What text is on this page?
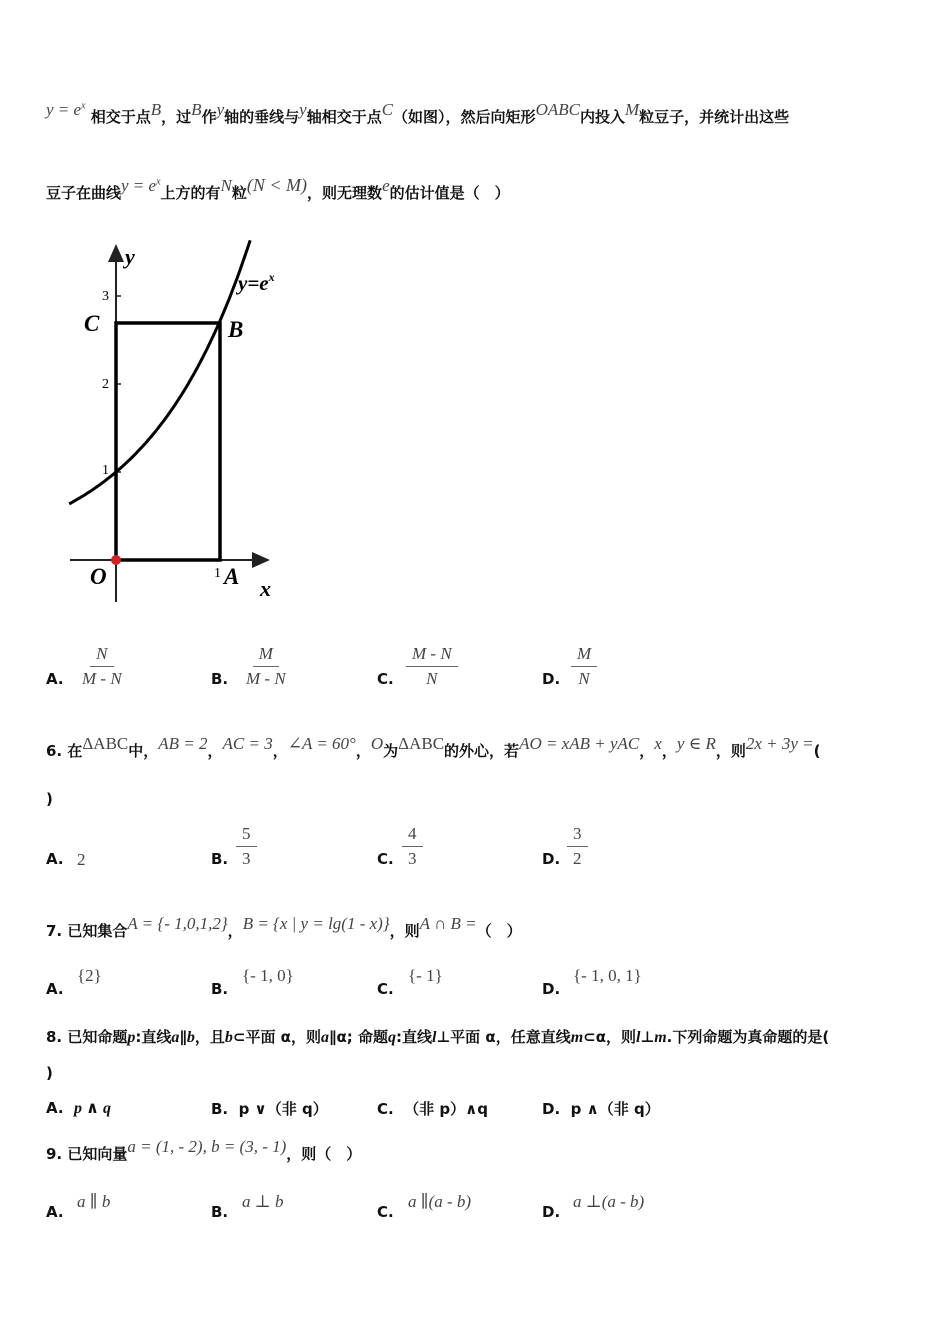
$y = e^x$ 相交于点B，过B作y轴的垂线与y轴相交于点C（如图），然后向矩形OABC内投入M粒豆子，并统计出这些
豆子在曲线$y = e^x$上方的有N粒(N < M)，则无理数e的估计值是（　）
y
x
$y=e^x$
C	B
O	A
1
1
2
3
A. $\frac{N}{M - N}$	B. $\frac{M}{M - N}$	C. $\frac{M - N}{N}$	D. $\frac{M}{N}$
6. 在ΔABC中，AB = 2，AC = 3，∠A = 60°，O为ΔABC的外心，若AO = xAB + yAC，x，y ∈ R，则2x + 3y =(
)
A. 2	B. $\frac{5}{3}$	C. $\frac{4}{3}$	D. $\frac{3}{2}$
7. 已知集合A = {- 1,0,1,2}，B = {x | y = lg(1 - x)}，则A ∩ B =（　）
A.
{2}
B.
{- 1, 0}
C.
{- 1}
D.
{- 1, 0, 1}
8. 已知命题p:直线a∥b，且b⊂平面 α，则a∥α; 命题q:直线l⊥平面 α，任意直线m⊂α，则l⊥m.下列命题为真命题的是(
)
A. p ∧ q	B. p ∨（非 q）	C. （非 p）∧q	D. p ∧（非 q）
9. 已知向量a = (1, - 2), b = (3, - 1)，则（　）
A.
a ∥ b
B.
a ⊥ b
C.
a ∥(a - b)
D.
a ⊥(a - b)
